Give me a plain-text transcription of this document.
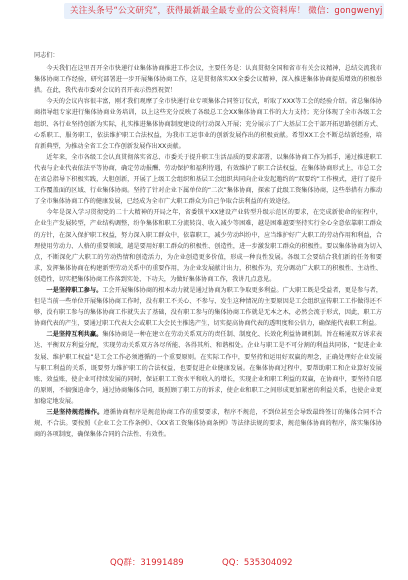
关注头条号“公文研究”，获得最新最全最专业的公文资料库！ 微信：gongwenyj

同志们：

今天我们在这里召开全市快递行业集体协商推进工作会议，主要任务是：认真贯彻全国和省市有关会议精神，总结交流我市集体协商工作经验，研究部署进一步开展集体协商工作，这是贯彻落实XX全委会议精神，深入推进集体协商提质增效的积极举措。在此，我代表市委对会议的召开表示热烈祝贺！

今天的会议内容很丰富，刚才我们观摩了全市快递行业专项集体合同签订仪式，听取了XXX等工会的经验介绍。省总集体协商指导组专家进行集体协商业务培训，以上这些充分反映了各级总工会XX集体协商工作的大力支持；充分体现了全市各级工会组织、各行业坚持创新为实际，扎实推进集体协商制度建设的行动深入开展；充分展示了广大基层工会干部开拓思路创新方式、心系职工、服务职工，依法维护职工合法权益，为我市工运事业的创新发展作出的积极贡献。希望XX工会不断总结新经验，培育新典型，为推动全省工会工作创新发展作出XX贡献。

近年来，全市各级工会认真贯彻落实省总、市委关于提升职工生活品质的要求部署，以集体协商工作为抓手，通过推进职工代表与企业代表依法平等协商，确定劳动报酬、劳动保护和福利待遇，有效维护了职工合法权益，在集体协商形式上，市总工会在省总指导下积极实践，大胆创新，开展了上级工会组织和基层工会组织共同向企业发起邀约的“双要约”工作模式，进行了提升工作覆盖面的区域、行业集体协商。坚持了针对企业下属单位的“二次”集体协商，探索了此级工资集体协商，这些举措有力推动了全市集体协商工作的健康发展，已经成为全市广大职工群众为自己争取合法利益的有效途径。

今年是深入学习贯彻党的二十大精神的开局之年，省委锁平XX建设产业转型升级示范区的要求，在完成新使命的征程中，企业生产发展转型，产业结构调整，纷争集体和职工分流转岗、收入减少等困难，越是困难越要坚持实行全心全意依靠职工群众的方针，在深入保护职工权益，努力深入职工群众中，依靠职工，减少劳动纠纷中，应当维护好广大职工的劳动作用和利益，合理使用劳动力、人格的重要领域，越是要用好职工群众的积极性、创造性，进一步激发职工群众的积极性。要以集体协商为切入点，不断深化广大职工的劳动热情和创造活力，为企业创造更多价值，形成一种良性发展。各级工会要结合我们新的任务和要求，发挥集体协商在构建新型劳动关系中的重要作用，为企业发展献计出力，积极作为，充分调动广大职工的积极性、主动性、创造性，切实把集体协商工作落到实处、下功夫，为做好集体协商工作，我讲几点意见。

一是坚持职工参与。工会开展集体协商的根本动力就是通过协商为职工争取更多利益。广大职工既是受益者，更是参与者，但是当前一些单位开展集体协商工作时，没有职工不关心、不参与、发生这种情况的主要原因是工会组织宣传职工工作做得还不够，没有职工参与的集体协商工作就失去了基础，没有职工参与的集体协商工作就是无本之木，必然会流于形式，因此，职工方协商代表的产生，要通过职工代表大会或职工大会民主推选产生，切实提高协商代表的透明度和公信力，确保能代表职工利益。

二是坚持互利共赢。集体协商是一种在建立在劳动关系双方的责任制、制度化、长效化利益协调机制。旨在畅通双方诉求表达、平衡双方利益分配，实现劳动关系双方各尽所能、各得其所、和谐相处。企业与职工是不可分割的利益共同体，“促进企业发展、维护职工权益”是工会工作必须遵循的一个重要原则。在实际工作中，要坚持和运用好双赢的理念，正确处理好企业发展与职工利益的关系，既要努力维护职工的合法权益，也要促进企业健康发展。在集体协商过程中，要帮助职工和企业算好发展账、效益账，使企业可持续发展的同时，保证职工工资水平和收入的增长，实现企业和职工利益的双赢，在协商中，要坚持自愿的原则，不搞强迫命令，通过协商集体合同，既照顾了职工方的诉求，使企业和职工之间形成更加紧密的利益关系，也使企业更加稳定地发展。

三是坚持规范操作。遵循协商程序是规范协商工作的重要要求，程序不规范，不到位甚至会导致最终签订的集体合同不合规、不合法。要按照《企业工会工作条例》、《XX省工资集体协商条例》等法律法规的要求，规范集体协商的程序，落实集体协商的各项制度，确保集体合同的合法性、有效性。

QQ群：31991489	QQ：535304092
